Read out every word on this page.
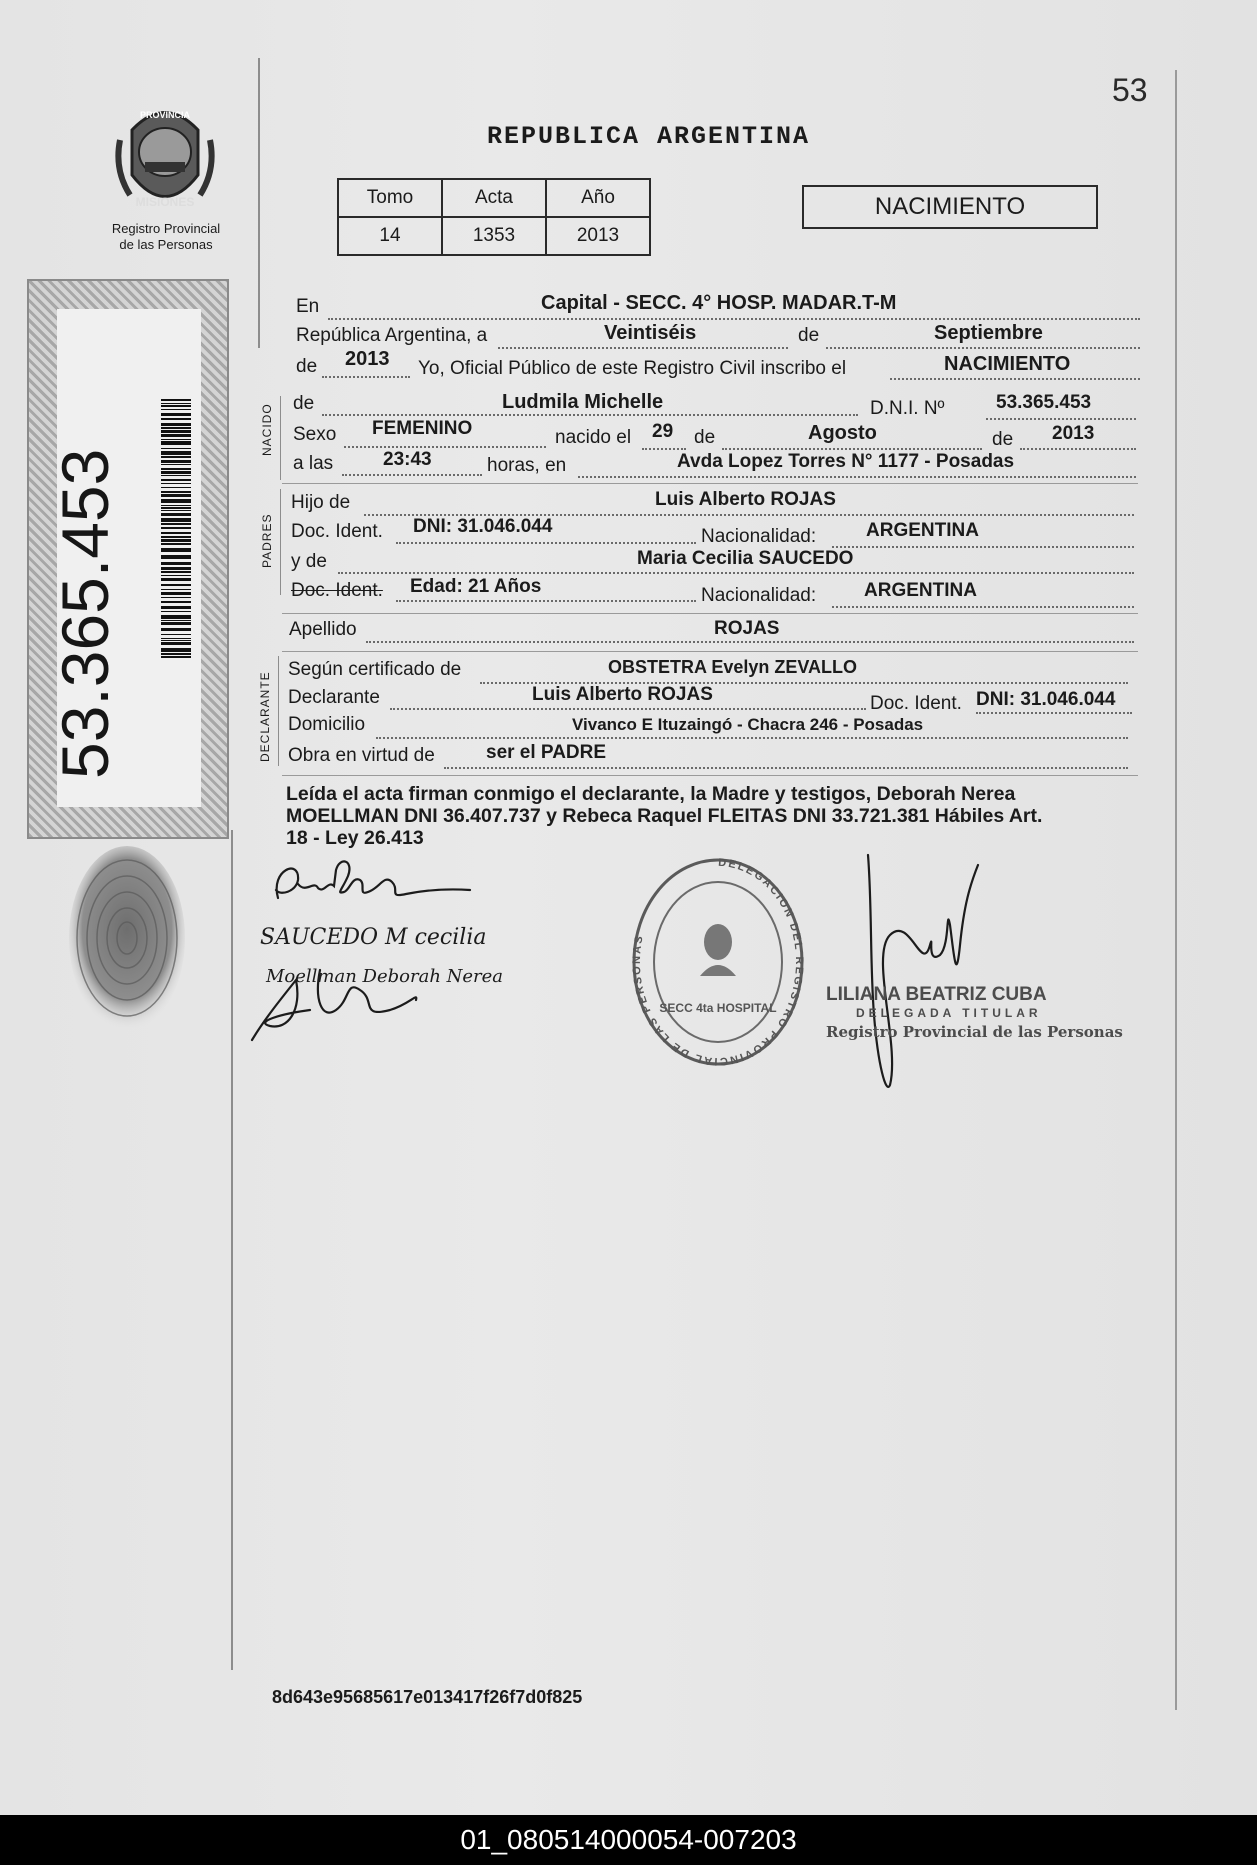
53
REPUBLICA ARGENTINA
PROVINCIA
MISIONES
Registro Provincial
de las Personas
Tomo	Acta	Año
14	1353	2013
NACIMIENTO
53.365.453
NACIDO
PADRES
DECLARANTE
En	Capital - SECC. 4° HOSP. MADAR.T-M
República Argentina, a	Veintiséis	de	Septiembre
de 2013 Yo, Oficial Público de este Registro Civil inscribo el	NACIMIENTO
de	Ludmila Michelle	D.N.I. Nº	53.365.453
Sexo FEMENINO	nacido el 29 de	Agosto	de 2013
a las	23:43	horas, en	Avda Lopez Torres N° 1177 - Posadas
Hijo de	Luis Alberto ROJAS
Doc. Ident. DNI: 31.046.044	Nacionalidad:	ARGENTINA
y de	Maria Cecilia SAUCEDO
Doc. Ident. Edad: 21 Años	Nacionalidad:	ARGENTINA
Apellido	ROJAS
Según certificado de	OBSTETRA Evelyn ZEVALLO
Declarante	Luis Alberto ROJAS	Doc. Ident. DNI: 31.046.044
Domicilio	Vivanco E Ituzaingó - Chacra 246 - Posadas
Obra en virtud de	ser el PADRE
Leída el acta firman conmigo el declarante, la Madre y testigos, Deborah Nerea
MOELLMAN DNI 36.407.737 y Rebeca Raquel FLEITAS DNI 33.721.381 Hábiles Art.
18 - Ley 26.413
SAUCEDO M cecilia
Moellman Deborah Nerea
DELEGACION DEL REGISTRO PROVINCIAL DE LAS PERSONAS
SECC 4ta HOSPITAL
LILIANA BEATRIZ CUBA
DELEGADA TITULAR
Registro Provincial de las Personas
8d643e95685617e013417f26f7d0f825
01_080514000054-007203
